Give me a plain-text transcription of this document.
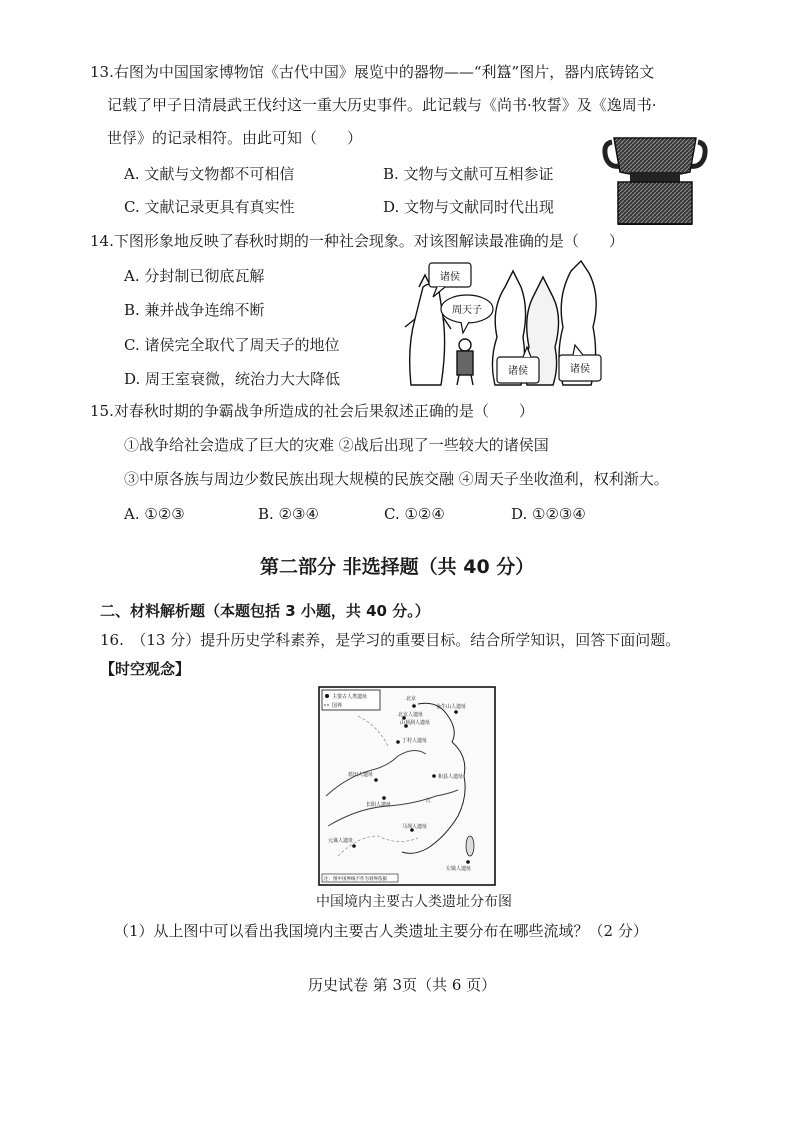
13.右图为中国国家博物馆《古代中国》展览中的器物——“利簋”图片，器内底铸铭文
记载了甲子日清晨武王伐纣这一重大历史事件。此记载与《尚书·牧誓》及《逸周书·
世俘》的记录相符。由此可知（　　）
A. 文献与文物都不可相信	B. 文物与文献可互相参证
C. 文献记录更具有真实性	D. 文物与文献同时代出现
14.下图形象地反映了春秋时期的一种社会现象。对该图解读最准确的是（　　）
A. 分封制已彻底瓦解
B. 兼并战争连绵不断
C. 诸侯完全取代了周天子的地位
D. 周王室衰微，统治力大大降低
诸侯
周天子
诸侯	诸侯
15.对春秋时期的争霸战争所造成的社会后果叙述正确的是（　　）
①战争给社会造成了巨大的灾难 ②战后出现了一些较大的诸侯国
③中原各族与周边少数民族出现大规模的民族交融 ④周天子坐收渔利，权利渐大。
A. ①②③	B. ②③④	C. ①②④	D. ①②③④
第二部分 非选择题（共 40 分）
二、材料解析题（本题包括 3 小题，共 40 分。）
16.　（13 分）提升历史学科素养，是学习的重要目标。结合所学知识，回答下面问题。
【时空观念】
主要古人类遗址
国界
北京
金牛山人遗址
北京人遗址
山顶洞人遗址
丁村人遗址
和县人遗址
蓝田人遗址
长阳人遗址
马坝人遗址
元谋人遗址
左镇人遗址
江
注：图中国界线不作为划界依据
中国境内主要古人类遗址分布图
（1）从上图中可以看出我国境内主要古人类遗址主要分布在哪些流域？（2 分）
历史试卷 第 3页（共 6 页）
